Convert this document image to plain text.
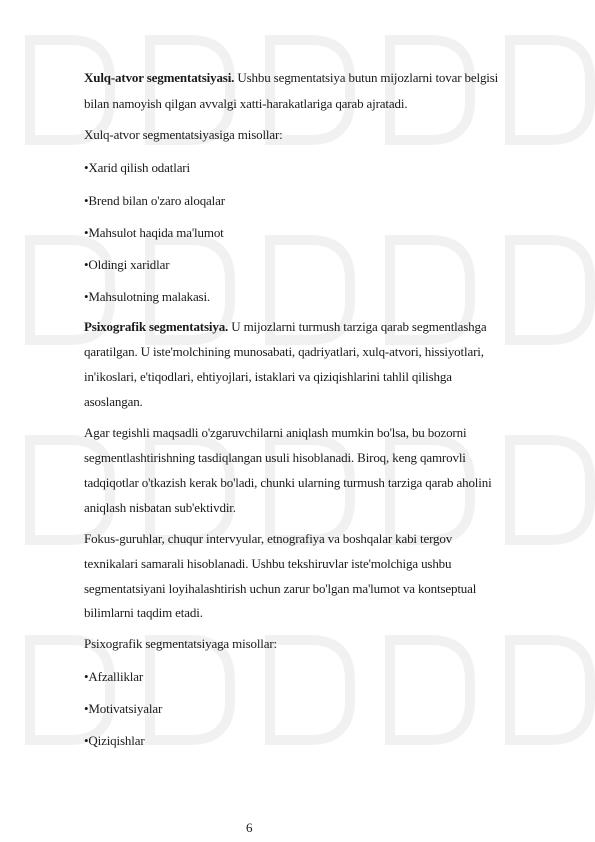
Xulq-atvor segmentatsiyasi. Ushbu segmentatsiya butun mijozlarni tovar belgisi
bilan namoyish qilgan avvalgi xatti-harakatlariga qarab ajratadi.
Xulq-atvor segmentatsiyasiga misollar:
•Xarid qilish odatlari
•Brend bilan o'zaro aloqalar
•Mahsulot haqida ma'lumot
•Oldingi xaridlar
•Mahsulotning malakasi.
Psixografik segmentatsiya. U mijozlarni turmush tarziga qarab segmentlashga
qaratilgan. U iste'molchining munosabati, qadriyatlari, xulq-atvori, hissiyotlari,
in'ikoslari, e'tiqodlari, ehtiyojlari, istaklari va qiziqishlarini tahlil qilishga
asoslangan.
Agar tegishli maqsadli o'zgaruvchilarni aniqlash mumkin bo'lsa, bu bozorni
segmentlashtirishning tasdiqlangan usuli hisoblanadi. Biroq, keng qamrovli
tadqiqotlar o'tkazish kerak bo'ladi, chunki ularning turmush tarziga qarab aholini
aniqlash nisbatan sub'ektivdir.
Fokus-guruhlar, chuqur intervyular, etnografiya va boshqalar kabi tergov
texnikalari samarali hisoblanadi. Ushbu tekshiruvlar iste'molchiga ushbu
segmentatsiyani loyihalashtirish uchun zarur bo'lgan ma'lumot va kontseptual
bilimlarni taqdim etadi.
Psixografik segmentatsiyaga misollar:
•Afzalliklar
•Motivatsiyalar
•Qiziqishlar
6
